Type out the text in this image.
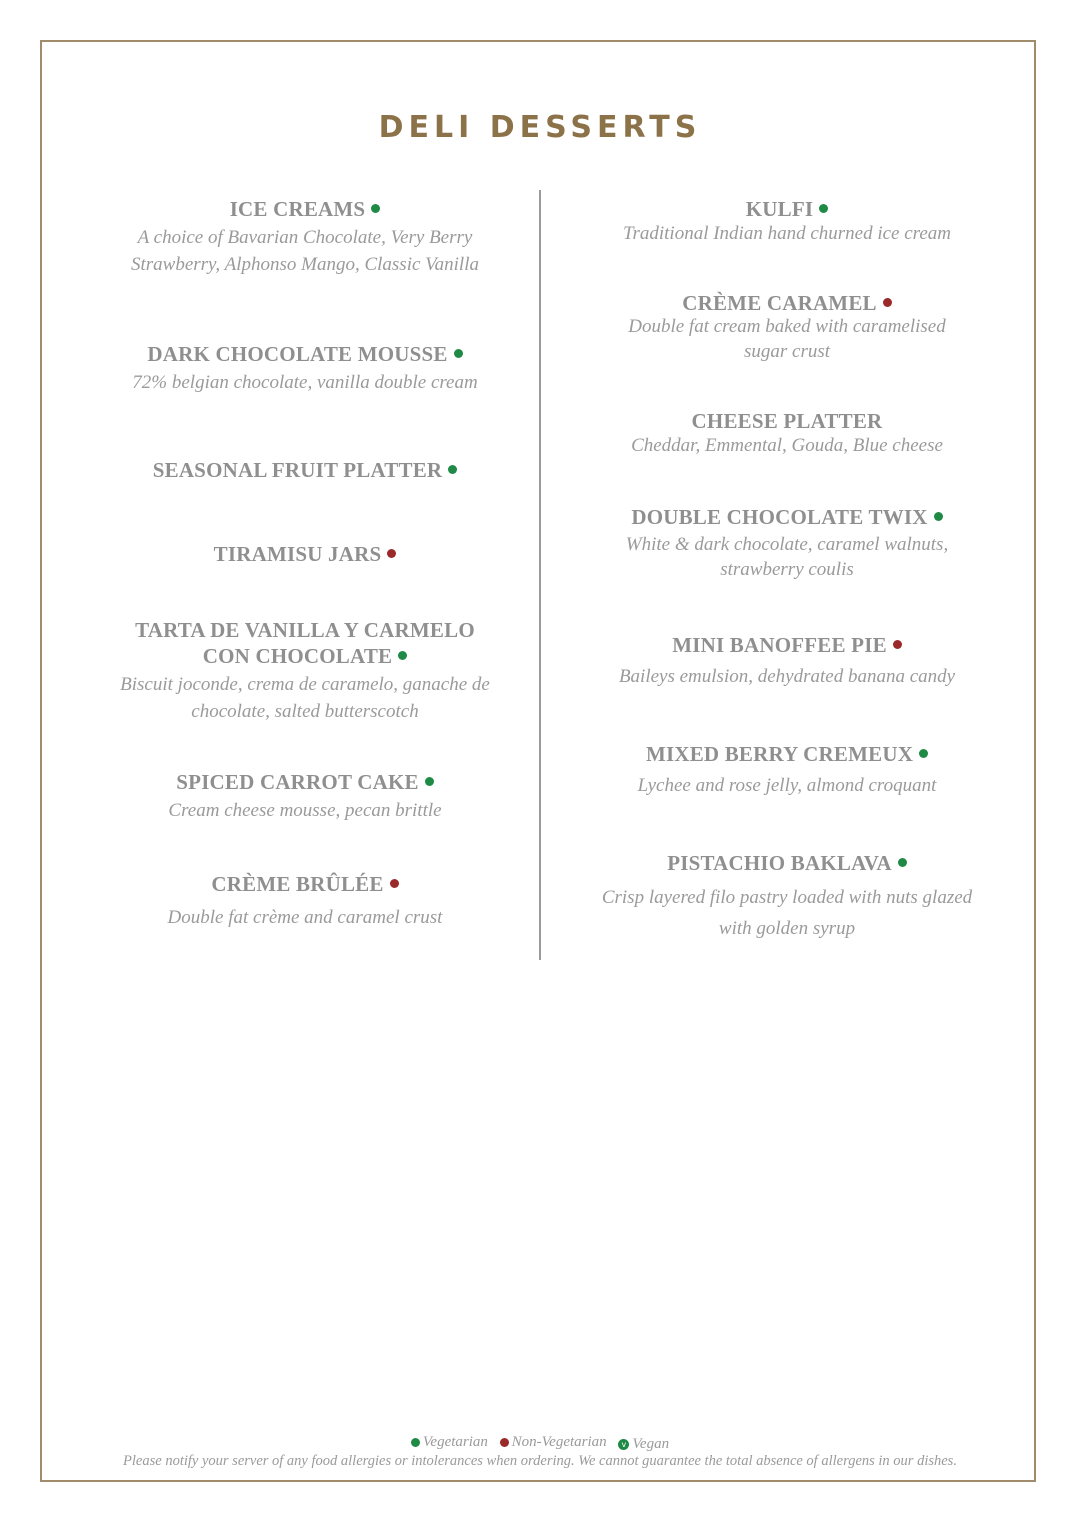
DELI DESSERTS
ICE CREAMS
A choice of Bavarian Chocolate, Very Berry
Strawberry, Alphonso Mango, Classic Vanilla
DARK CHOCOLATE MOUSSE
72% belgian chocolate, vanilla double cream
SEASONAL FRUIT PLATTER
TIRAMISU JARS
TARTA DE VANILLA Y CARMELO
CON CHOCOLATE
Biscuit joconde, crema de caramelo, ganache de
chocolate, salted butterscotch
SPICED CARROT CAKE
Cream cheese mousse, pecan brittle
CRÈME BRÛLÉE
Double fat crème and caramel crust
KULFI
Traditional Indian hand churned ice cream
CRÈME CARAMEL
Double fat cream baked with caramelised
sugar crust
CHEESE PLATTER
Cheddar, Emmental, Gouda, Blue cheese
DOUBLE CHOCOLATE TWIX
White & dark chocolate, caramel walnuts,
strawberry coulis
MINI BANOFFEE PIE
Baileys emulsion, dehydrated banana candy
MIXED BERRY CREMEUX
Lychee and rose jelly, almond croquant
PISTACHIO BAKLAVA
Crisp layered filo pastry loaded with nuts glazed
with golden syrup
Vegetarian
Non-Vegetarian
	v Vegan
Please notify your server of any food allergies or intolerances when ordering. We cannot guarantee the total absence of allergens in our dishes.
